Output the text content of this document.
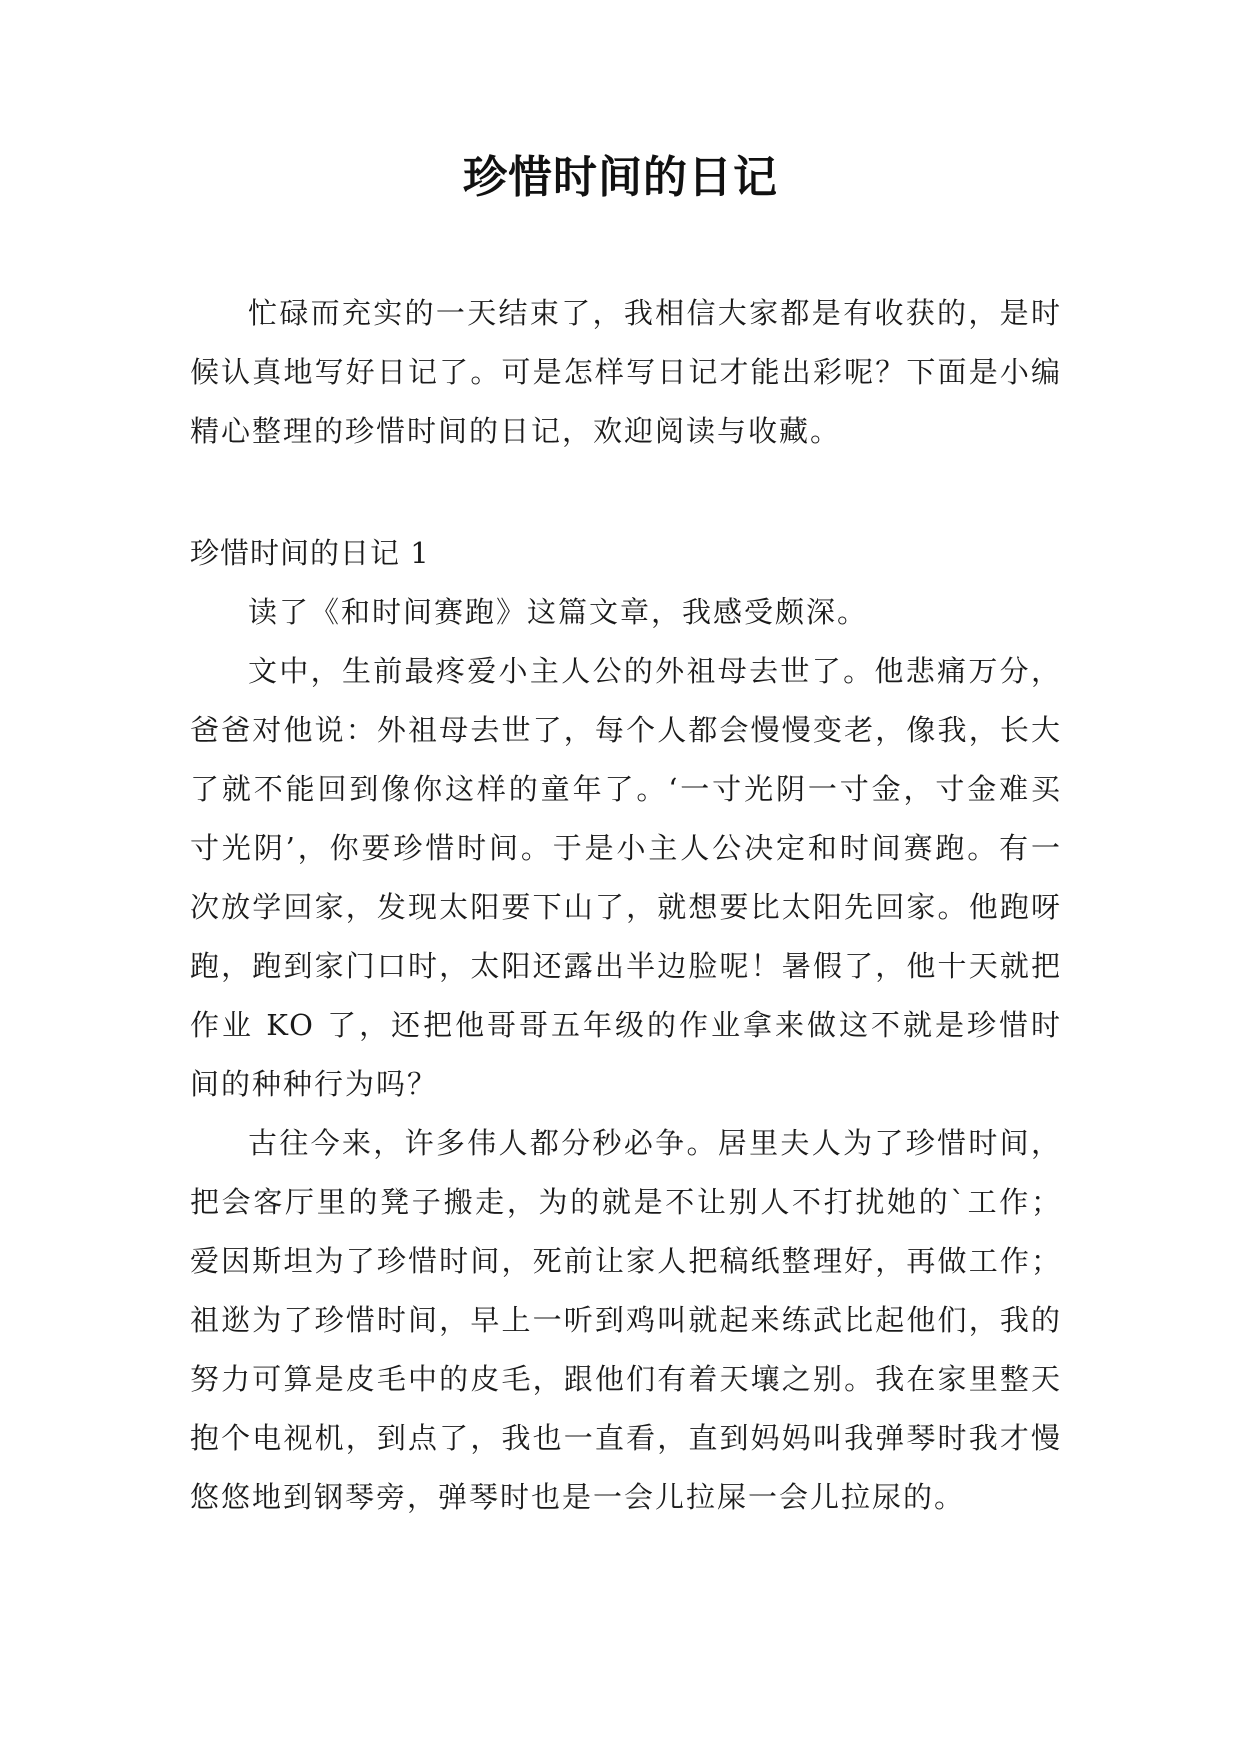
珍惜时间的日记

忙碌而充实的一天结束了，我相信大家都是有收获的，是时候认真地写好日记了。可是怎样写日记才能出彩呢？下面是小编精心整理的珍惜时间的日记，欢迎阅读与收藏。

珍惜时间的日记 1

读了《和时间赛跑》这篇文章，我感受颇深。

文中，生前最疼爱小主人公的外祖母去世了。他悲痛万分，爸爸对他说：外祖母去世了，每个人都会慢慢变老，像我，长大了就不能回到像你这样的童年了。‘一寸光阴一寸金，寸金难买寸光阴’，你要珍惜时间。于是小主人公决定和时间赛跑。有一次放学回家，发现太阳要下山了，就想要比太阳先回家。他跑呀跑，跑到家门口时，太阳还露出半边脸呢！暑假了，他十天就把作业 KO 了，还把他哥哥五年级的作业拿来做这不就是珍惜时间的种种行为吗？

古往今来，许多伟人都分秒必争。居里夫人为了珍惜时间，把会客厅里的凳子搬走，为的就是不让别人不打扰她的`工作；爱因斯坦为了珍惜时间，死前让家人把稿纸整理好，再做工作；祖逖为了珍惜时间，早上一听到鸡叫就起来练武比起他们，我的努力可算是皮毛中的皮毛，跟他们有着天壤之别。我在家里整天抱个电视机，到点了，我也一直看，直到妈妈叫我弹琴时我才慢悠悠地到钢琴旁，弹琴时也是一会儿拉屎一会儿拉尿的。
